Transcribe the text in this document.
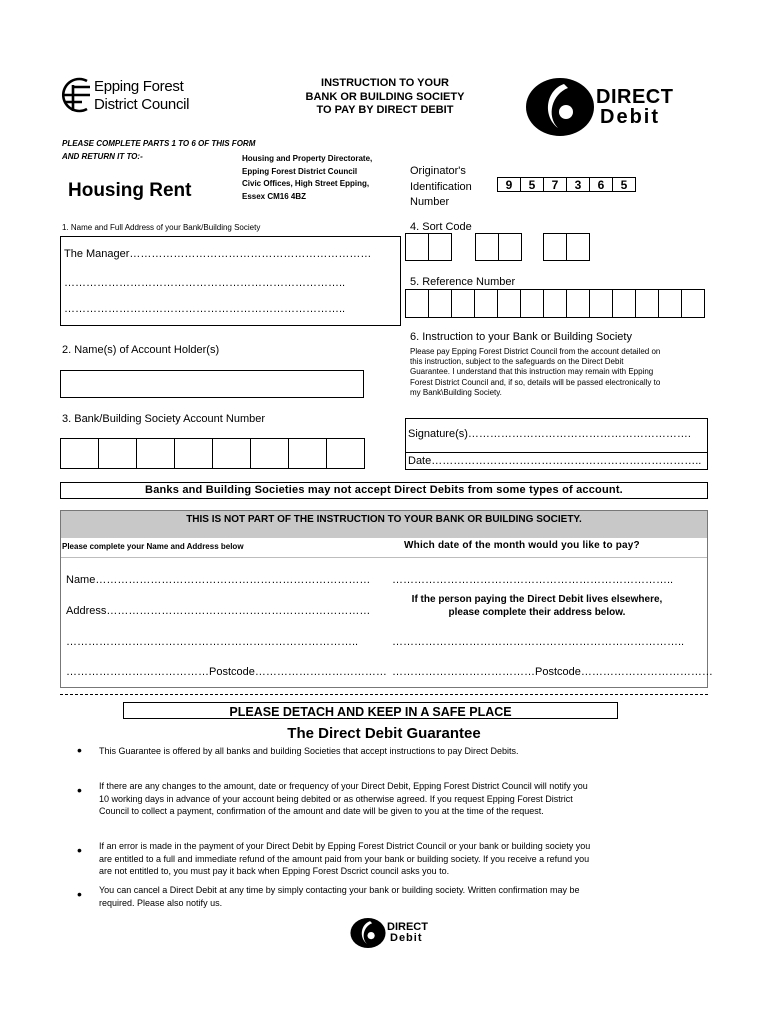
Epping Forest
District Council
INSTRUCTION TO YOUR
BANK OR BUILDING SOCIETY
TO PAY BY DIRECT DEBIT
DIRECT
Debit
PLEASE COMPLETE PARTS 1 TO 6 OF THIS FORM
AND RETURN IT TO:-	Housing and Property Directorate,
Epping Forest District Council
Civic Offices, High Street Epping,
Essex CM16 4BZ
Housing Rent
Originator's
Identification
Number
9	5	7	3	6	5
1. Name and Full Address of your Bank/Building Society
The Manager…………………………………………………………
…………………………………………………………………..
…………………………………………………………………..
4. Sort Code
5. Reference Number
6. Instruction to your Bank or Building Society
Please pay Epping Forest District Council from the account detailed on
this instruction, subject to the safeguards on the Direct Debit
Guarantee. I understand that this instruction may remain with Epping
Forest District Council and, if so, details will be passed electronically to
my Bank\Building Society.
Signature(s)…………………………………………………….
Date………………………………………………………………..
2. Name(s) of Account Holder(s)
3. Bank/Building Society Account Number
Banks and Building Societies may not accept Direct Debits from some types of account.
THIS IS NOT PART OF THE INSTRUCTION TO YOUR BANK OR BUILDING SOCIETY.
Please complete your Name and Address below	Which date of the month would you like to pay?
Name…………………………………………………………………
Address………………………………………………………………
……………………………………………………………………..
…………………………………Postcode………………………………
…………………………………………………………………..
If the person paying the Direct Debit lives elsewhere,
please complete their address below.
……………………………………………………………………..
…………………………………Postcode………………………………
PLEASE DETACH AND KEEP IN A SAFE PLACE
The Direct Debit Guarantee
• This Guarantee is offered by all banks and building Societies that accept instructions to pay Direct Debits.
• If there are any changes to the amount, date or frequency of your Direct Debit, Epping Forest District Council will notify you
10 working days in advance of your account being debited or as otherwise agreed. If you request Epping Forest District
Council to collect a payment, confirmation of the amount and date will be given to you at the time of the request.
• If an error is made in the payment of your Direct Debit by Epping Forest District Council or your bank or building society you
are entitled to a full and immediate refund of the amount paid from your bank or building society. If you receive a refund you
are not entitled to, you must pay it back when Epping Forest Dscrict council asks you to.
• You can cancel a Direct Debit at any time by simply contacting your bank or building society. Written confirmation may be
required. Please also notify us.
DIRECT
Debit
